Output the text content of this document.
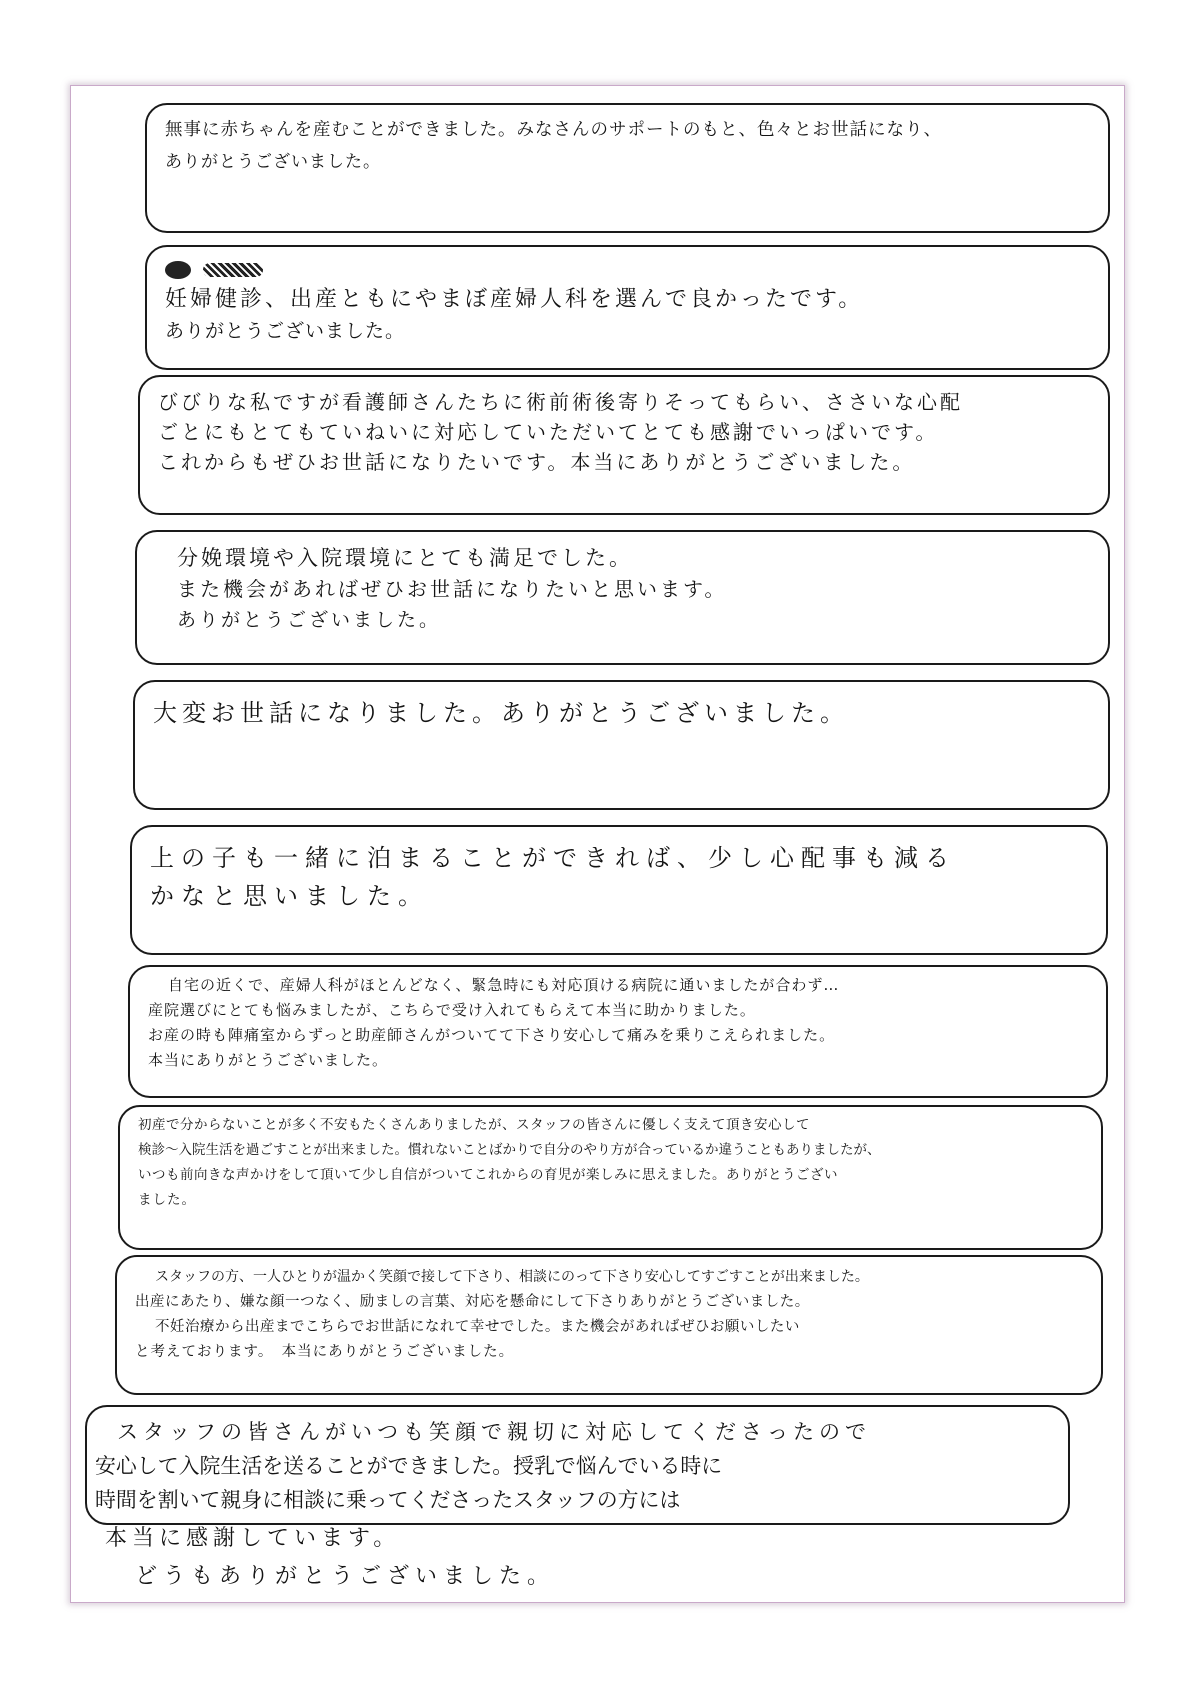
無事に赤ちゃんを産むことができました。みなさんのサポートのもと、色々とお世話になり、
ありがとうございました。

妊婦健診、出産ともにやまぼ産婦人科を選んで良かったです。
ありがとうございました。
びびりな私ですが看護師さんたちに術前術後寄りそってもらい、ささいな心配
ごとにもとてもていねいに対応していただいてとても感謝でいっぱいです。
これからもぜひお世話になりたいです。本当にありがとうございました。
分娩環境や入院環境にとても満足でした。
また機会があればぜひお世話になりたいと思います。
ありがとうございました。
大変お世話になりました。ありがとうございました。
上の子も一緒に泊まることができれば、少し心配事も減る
かなと思いました。
自宅の近くで、産婦人科がほとんどなく、緊急時にも対応頂ける病院に通いましたが合わず…
産院選びにとても悩みましたが、こちらで受け入れてもらえて本当に助かりました。
お産の時も陣痛室からずっと助産師さんがついてて下さり安心して痛みを乗りこえられました。
本当にありがとうございました。
初産で分からないことが多く不安もたくさんありましたが、スタッフの皆さんに優しく支えて頂き安心して
検診～入院生活を過ごすことが出来ました。慣れないことばかりで自分のやり方が合っているか違うこともありましたが、
いつも前向きな声かけをして頂いて少し自信がついてこれからの育児が楽しみに思えました。ありがとうござい
ました。
スタッフの方、一人ひとりが温かく笑顔で接して下さり、相談にのって下さり安心してすごすことが出来ました。
出産にあたり、嫌な顔一つなく、励ましの言葉、対応を懸命にして下さりありがとうございました。
不妊治療から出産までこちらでお世話になれて幸せでした。また機会があればぜひお願いしたい
と考えております。　本当にありがとうございました。
スタッフの皆さんがいつも笑顔で親切に対応してくださったので
安心して入院生活を送ることができました。授乳で悩んでいる時に
時間を割いて親身に相談に乗ってくださったスタッフの方には
本当に感謝しています。
どうもありがとうございました。
